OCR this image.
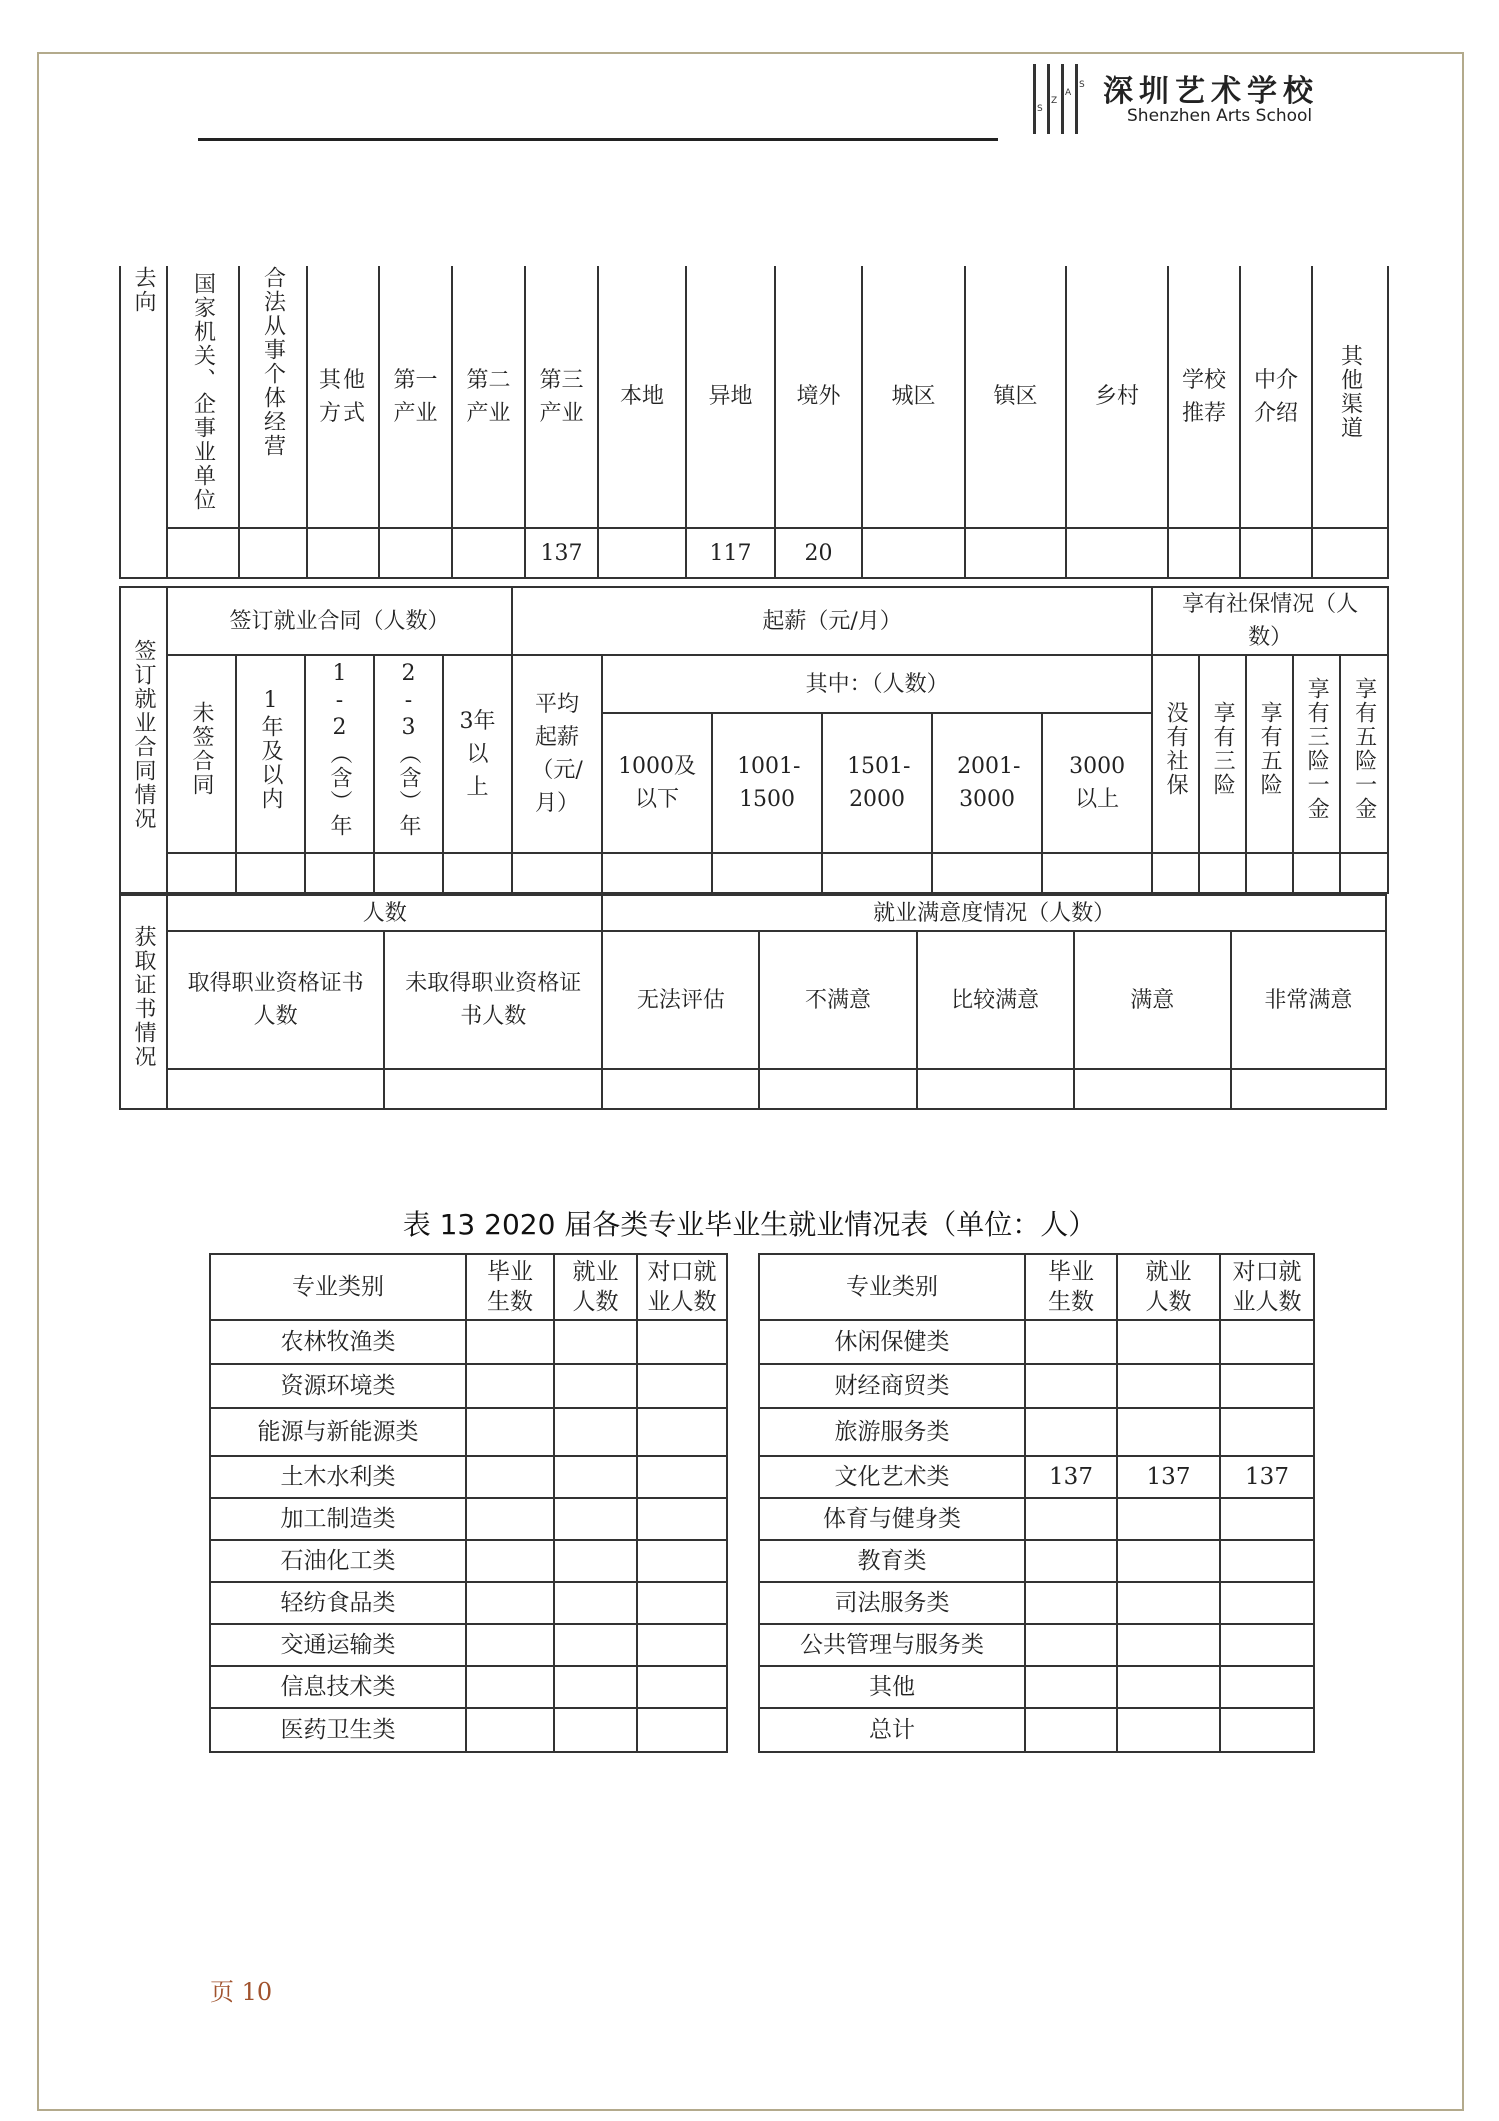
S
Z
A
S 深圳艺术学校
Shenzhen Arts School
去向	国家机关、企事业单位	合法从事个体经营	其他方式	第一产业	第二产业	第三产业	本地	异地	境外	城区	镇区	乡村	学校推荐	中介介绍	其他渠道
						137		117	20						
签订就业合同情况	签订就业合同（人数）					起薪（元/月）						享有社保情况（人数）				

	未签合同	1年及以内	1-2（含）年	2-3（含）年	3年以上	平均起薪（元/月）	其中：（人数）					没有社保	享有三险	享有五险	享有三险一金	享有五险一金

							1000及以下	1001-1500	1501-2000	2001-3000	3000以上					

获取证书情况	人数		就业满意度情况（人数）				

	取得职业资格证书人数	未取得职业资格证书人数	无法评估	不满意	比较满意	满意	非常满意

表 13 2020 届各类专业毕业生就业情况表（单位：人）
专业类别	毕业生数	就业人数	对口就业人数		专业类别	毕业生数	就业人数	对口就业人数

农林牧渔类					休闲保健类			
资源环境类					财经商贸类			
能源与新能源类					旅游服务类			
土木水利类					文化艺术类	137	137	137
加工制造类					体育与健身类			
石油化工类					教育类			
轻纺食品类					司法服务类			
交通运输类					公共管理与服务类			
信息技术类					其他			
医药卫生类					总计			
页 10
